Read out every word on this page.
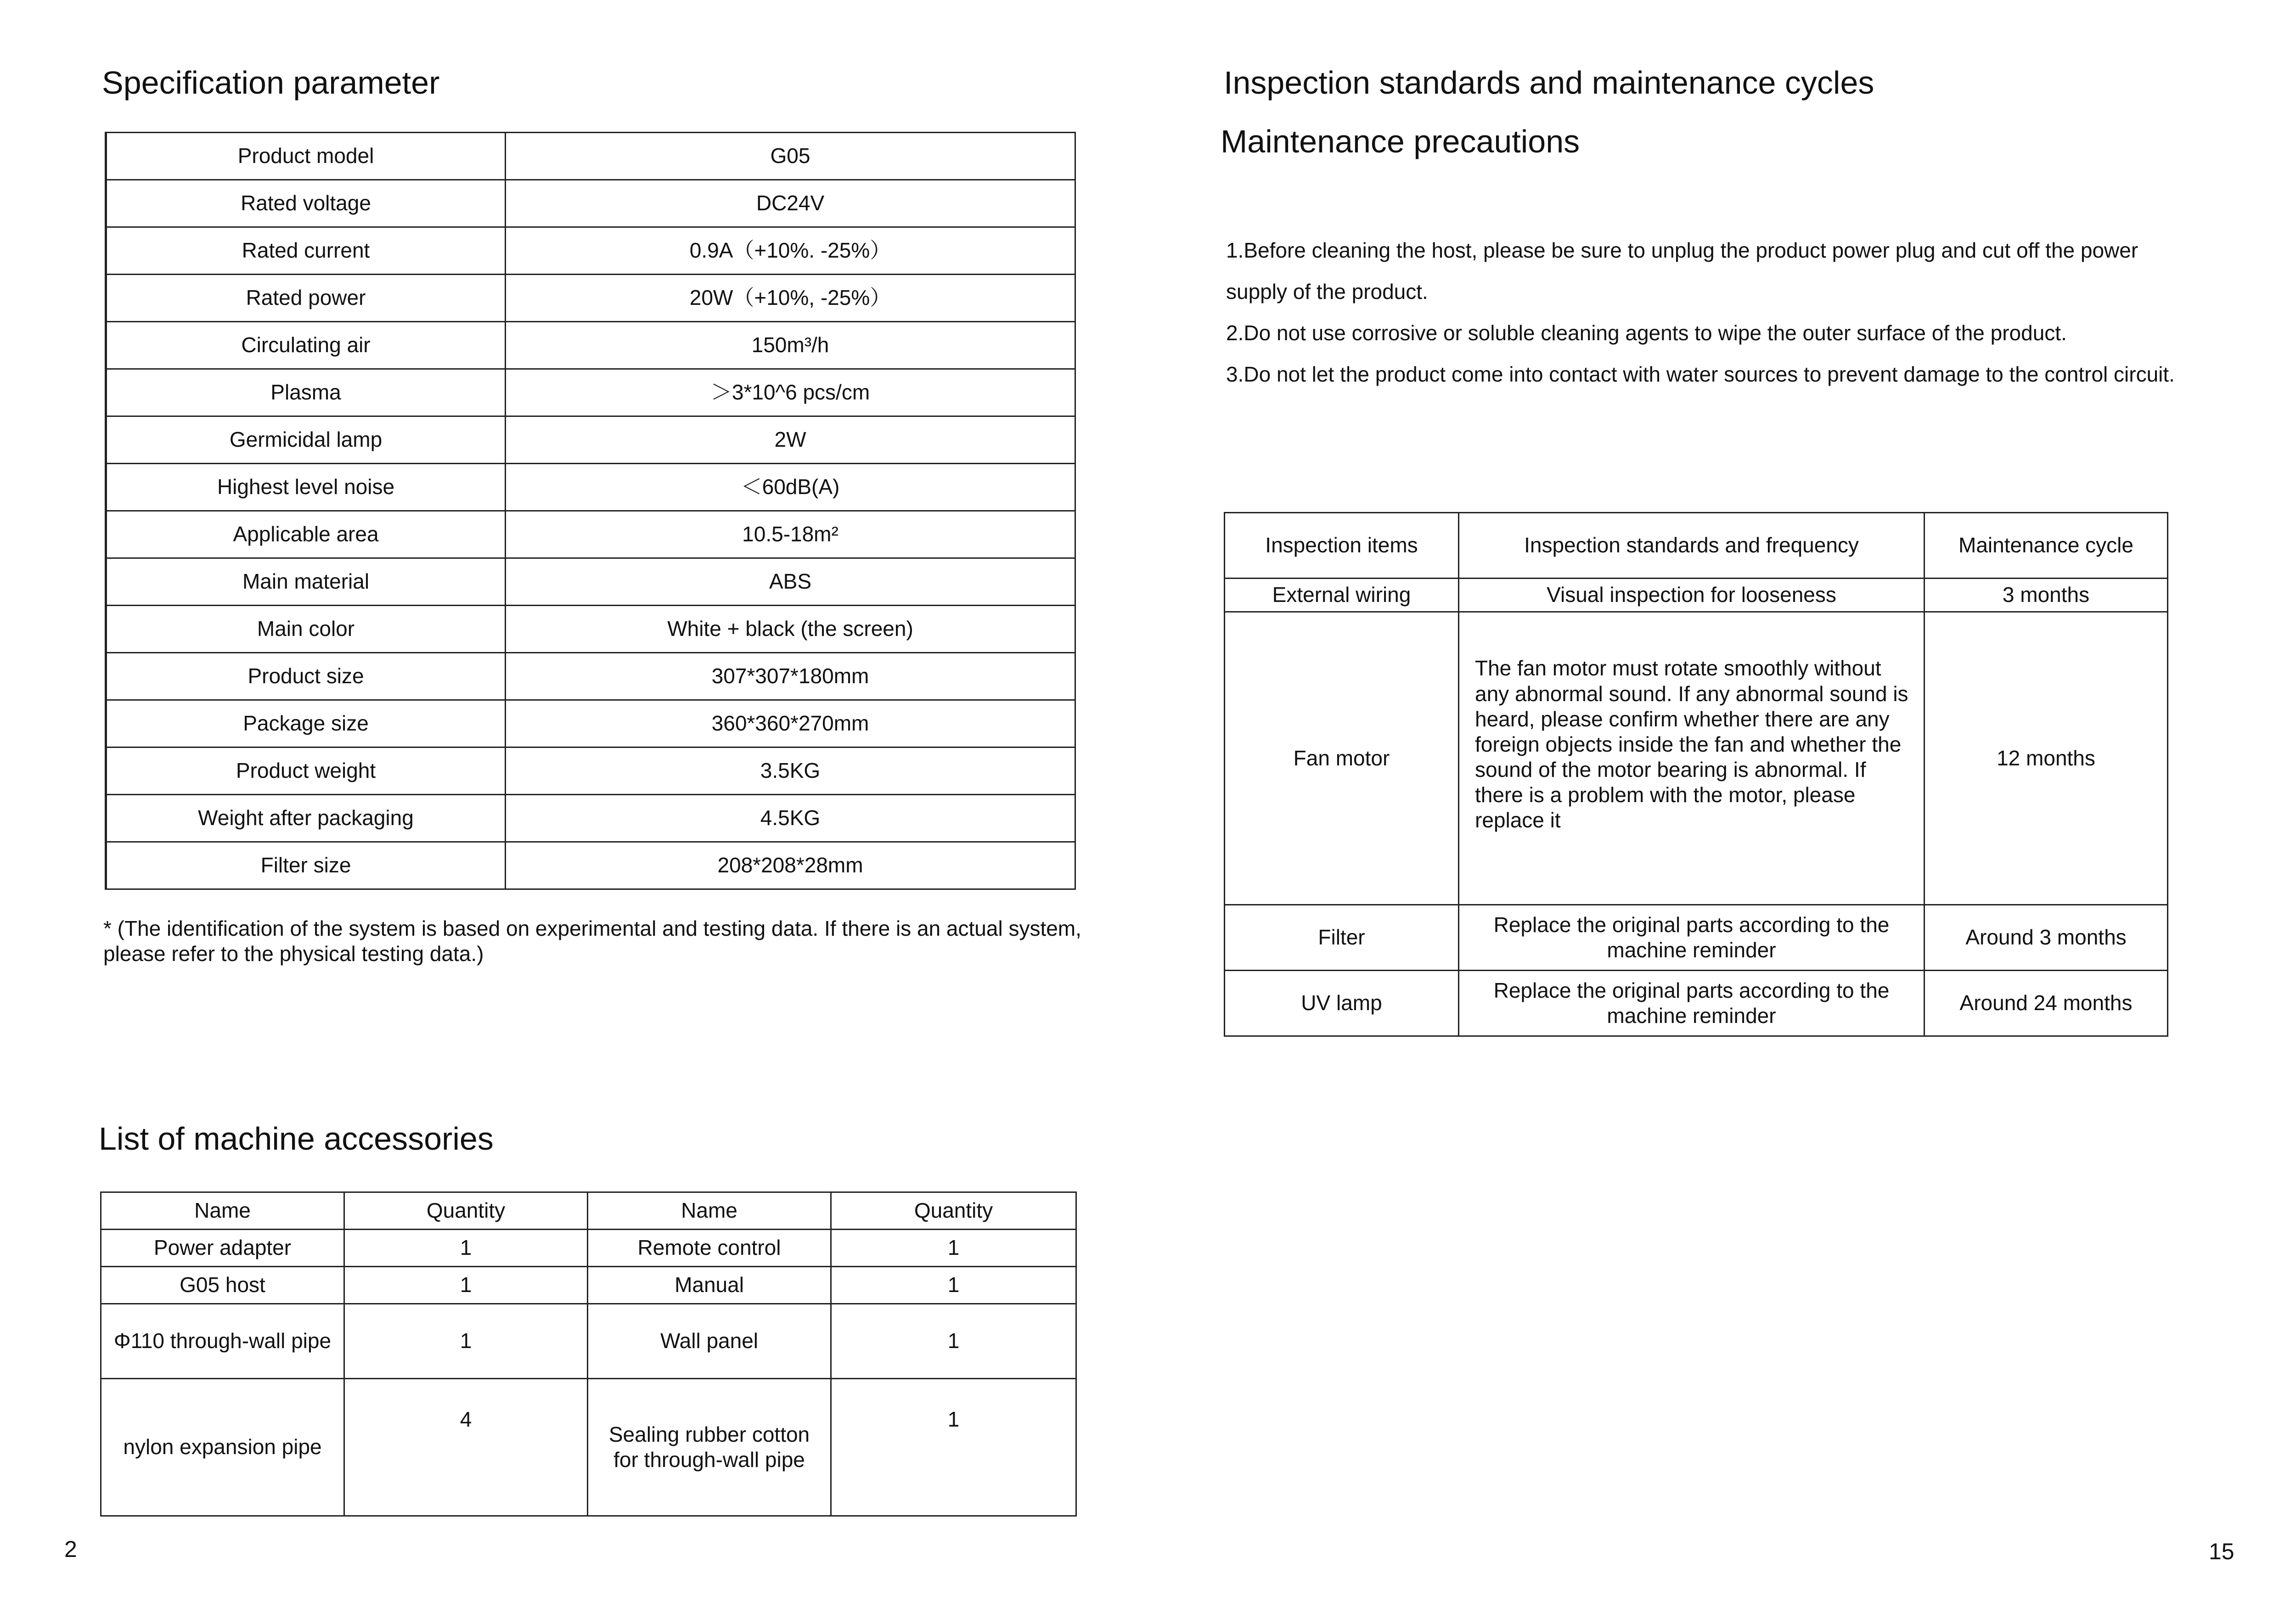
Specification parameter
Product model	G05
Rated voltage	DC24V
Rated current	0.9A（+10%. -25%）
Rated power	20W（+10%, -25%）
Circulating air	150m³/h
Plasma	＞3*10^6 pcs/cm
Germicidal lamp	2W
Highest level noise	＜60dB(A)
Applicable area	10.5-18m²
Main material	ABS
Main color	White + black (the screen)
Product size	307*307*180mm
Package size	360*360*270mm
Product weight	3.5KG
Weight after packaging	4.5KG
Filter size	208*208*28mm
* (The identification of the system is based on experimental and testing data. If there is an actual system, please refer to the physical testing data.)
List of machine accessories
Name	Quantity	Name	Quantity
Power adapter	1	Remote control	1
G05 host	1	Manual	1
Φ110 through-wall pipe	1	Wall panel	1
nylon expansion pipe	4	Sealing rubber cotton for through-wall pipe	1
2
Inspection standards and maintenance cycles
Maintenance precautions

1.Before cleaning the host, please be sure to unplug the product power plug and cut off the power supply of the product.

2.Do not use corrosive or soluble cleaning agents to wipe the outer surface of the product.

3.Do not let the product come into contact with water sources to prevent damage to the control circuit.

Inspection items	Inspection standards and frequency	Maintenance cycle
External wiring	Visual inspection for looseness	3 months
Fan motor	The fan motor must rotate smoothly without any abnormal sound. If any abnormal sound is heard, please confirm whether there are any foreign objects inside the fan and whether the sound of the motor bearing is abnormal. If there is a problem with the motor, please replace it	12 months
Filter	Replace the original parts according to the machine reminder	Around 3 months
UV lamp	Replace the original parts according to the machine reminder	Around 24 months
15
